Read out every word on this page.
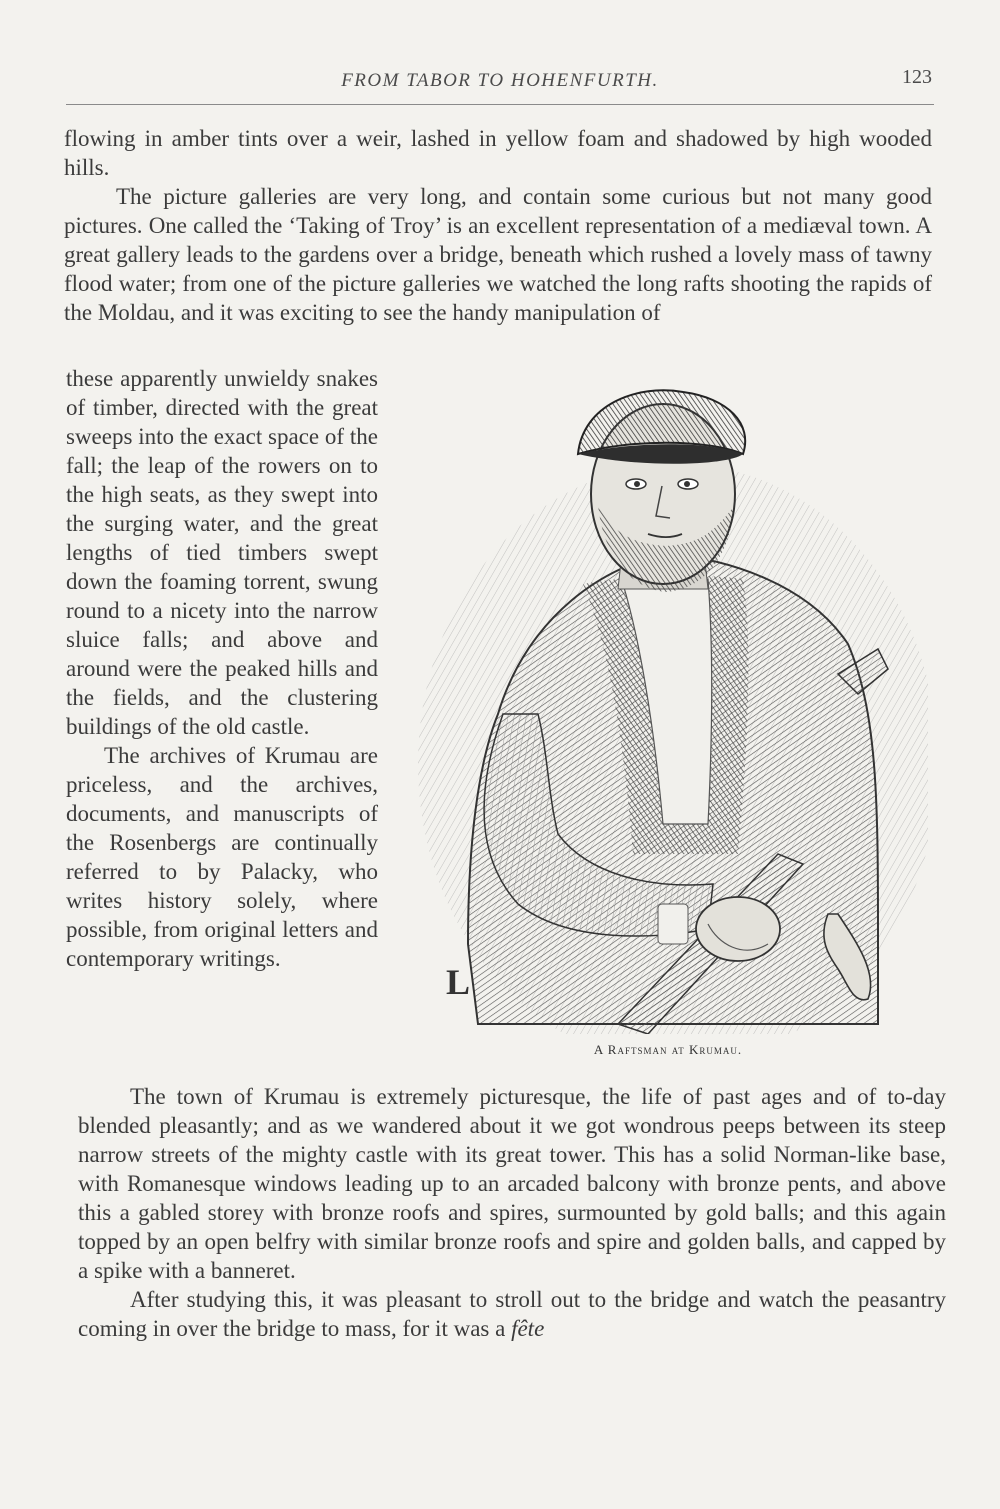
FROM TABOR TO HOHENFURTH.	123

flowing in amber tints over a weir, lashed in yellow foam and shadowed by high wooded hills.

The picture galleries are very long, and contain some curious but not many good pictures. One called the ‘Taking of Troy’ is an excellent representation of a mediæval town. A great gallery leads to the gardens over a bridge, beneath which rushed a lovely mass of tawny flood water; from one of the picture galleries we watched the long rafts shooting the rapids of the Moldau, and it was exciting to see the handy manipulation of

these apparently unwieldy snakes of timber, directed with the great sweeps into the exact space of the fall; the leap of the rowers on to the high seats, as they swept into the surging water, and the great lengths of tied timbers swept down the foaming torrent, swung round to a nicety into the narrow sluice falls; and above and around were the peaked hills and the fields, and the clustering buildings of the old castle.

The archives of Krumau are priceless, and the archives, documents, and manuscripts of the Rosenbergs are continually referred to by Palacky, who writes history solely, where possible, from original letters and contemporary writings.

L
A Raftsman at Krumau.

The town of Krumau is extremely picturesque, the life of past ages and of to-day blended pleasantly; and as we wandered about it we got wondrous peeps between its steep narrow streets of the mighty castle with its great tower. This has a solid Norman-like base, with Romanesque windows leading up to an arcaded balcony with bronze pents, and above this a gabled storey with bronze roofs and spires, surmounted by gold balls; and this again topped by an open belfry with similar bronze roofs and spire and golden balls, and capped by a spike with a banneret.

After studying this, it was pleasant to stroll out to the bridge and watch the peasantry coming in over the bridge to mass, for it was a fête
